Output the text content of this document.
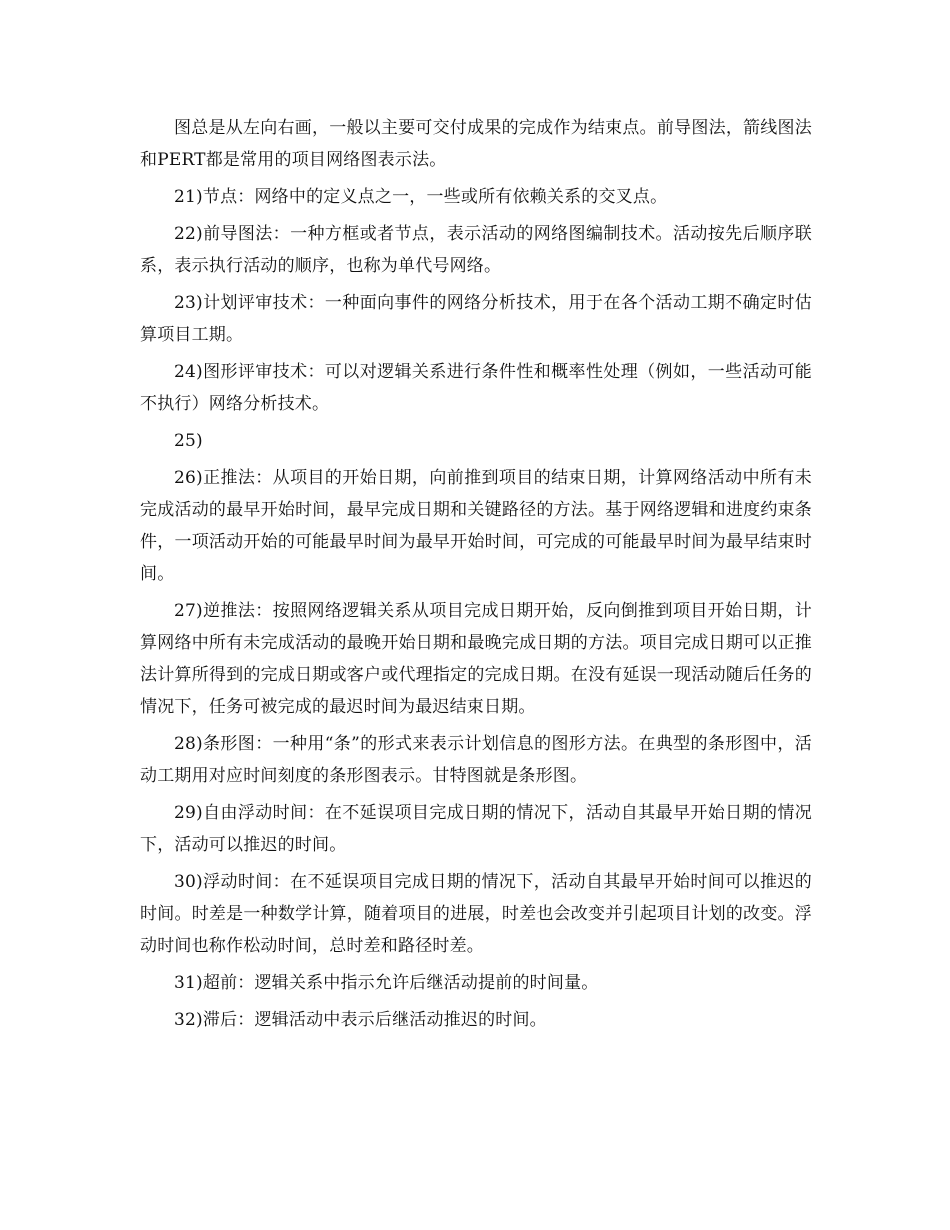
图总是从左向右画，一般以主要可交付成果的完成作为结束点。前导图法，箭线图法和PERT都是常用的项目网络图表示法。

21)节点：网络中的定义点之一，一些或所有依赖关系的交叉点。

22)前导图法：一种方框或者节点，表示活动的网络图编制技术。活动按先后顺序联系，表示执行活动的顺序，也称为单代号网络。

23)计划评审技术：一种面向事件的网络分析技术，用于在各个活动工期不确定时估算项目工期。

24)图形评审技术：可以对逻辑关系进行条件性和概率性处理（例如，一些活动可能不执行）网络分析技术。

25)

26)正推法：从项目的开始日期，向前推到项目的结束日期，计算网络活动中所有未完成活动的最早开始时间，最早完成日期和关键路径的方法。基于网络逻辑和进度约束条件，一项活动开始的可能最早时间为最早开始时间，可完成的可能最早时间为最早结束时间。

27)逆推法：按照网络逻辑关系从项目完成日期开始，反向倒推到项目开始日期，计算网络中所有未完成活动的最晚开始日期和最晚完成日期的方法。项目完成日期可以正推法计算所得到的完成日期或客户或代理指定的完成日期。在没有延误一现活动随后任务的情况下，任务可被完成的最迟时间为最迟结束日期。

28)条形图：一种用“条”的形式来表示计划信息的图形方法。在典型的条形图中，活动工期用对应时间刻度的条形图表示。甘特图就是条形图。

29)自由浮动时间：在不延误项目完成日期的情况下，活动自其最早开始日期的情况下，活动可以推迟的时间。

30)浮动时间：在不延误项目完成日期的情况下，活动自其最早开始时间可以推迟的时间。时差是一种数学计算，随着项目的进展，时差也会改变并引起项目计划的改变。浮动时间也称作松动时间，总时差和路径时差。

31)超前：逻辑关系中指示允许后继活动提前的时间量。

32)滞后：逻辑活动中表示后继活动推迟的时间。
